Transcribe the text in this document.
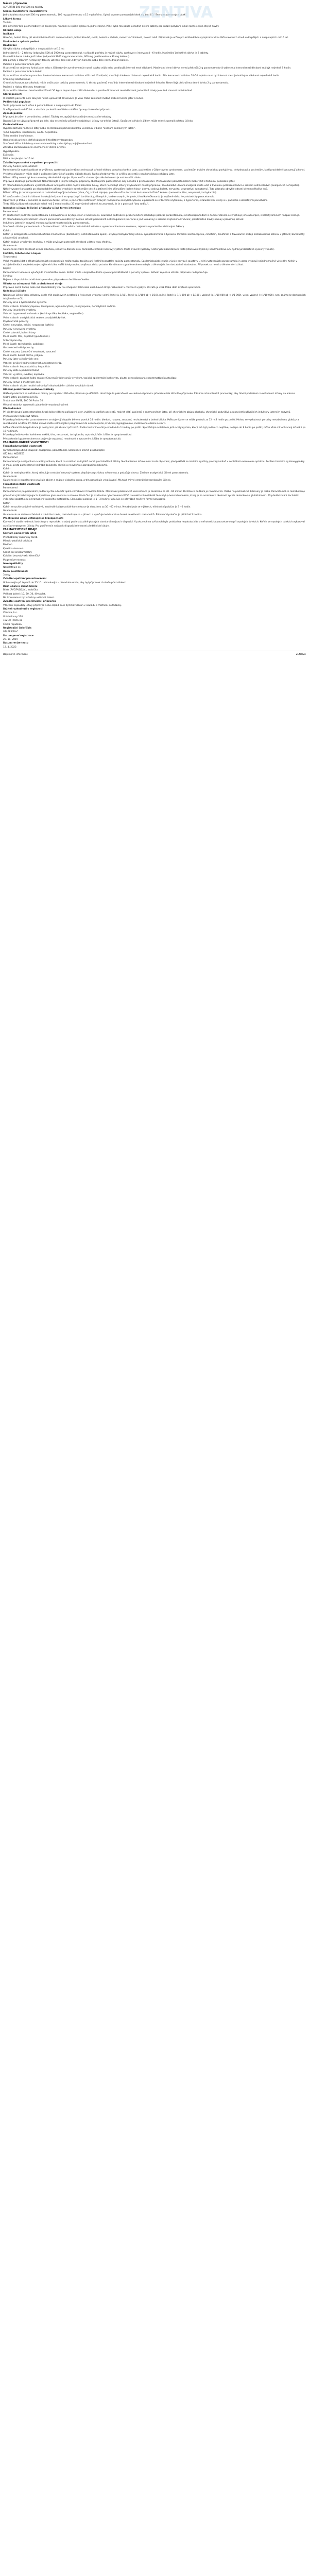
ZENTIVA
Název přípravku
ACYLPIRIN 500 mg/100 mg tablety
Složení kvalitativní i kvantitativní
Jedna tableta obsahuje 500 mg paracetamolu, 100 mg guaifenesinu a 15 mg kofeinu. Úplný seznam pomocných látek viz bod 6.1 "Seznam pomocných látek".
Léková forma
Tableta.
Bílé až téměř bílé ploché tablety se zkosenými hranami a s půlicí rýhou na jedné straně. Půlicí rýha má pouze usnadnit dělení tablety pro snazší polykání, nikoli rozdělení na stejné dávky.
Klinické údaje
Indikace
Horečka, bolest hlavy při akutních infekčních onemocněních, bolest kloubů, svalů, bolesti v zádech, menstruační bolesti, bolest zubů. Přípravek je určen pro krátkodobou symptomatickou léčbu akutních stavů u dospělých a dospívajících od 15 let.
Dávkování a způsob podání
Dávkování
Obvyklá dávka u dospělých a dospívajících od 15 let:
Jednorázově 1 - 2 tablety (odpovídá 500 až 1000 mg paracetamolu), v případě potřeby je možné dávku opakovat v intervalu 4 - 6 hodin. Maximální jednotlivá dávka je 2 tablety.
Maximální denní dávka je 6 tablet (odpovídá 3000 mg paracetamolu, 600 mg guaifenesinu a 90 mg kofeinu).
Bez porady s lékařem nemají být tablety užívány déle než 3 dny při horečce nebo déle než 5 dnů při bolesti.
Pacienti s poruchou funkce jater
U pacientů se sníženou funkcí jater nebo s Gilbertovým syndromem je nutné dávku snížit nebo prodloužit interval mezi dávkami. Maximální denní dávka nemá překročit 2 g paracetamolu (4 tablety) a interval mezi dávkami má být nejméně 8 hodin.
Pacienti s poruchou funkce ledvin
U pacientů se závažnou poruchou funkce ledvin (clearance kreatininu nižší než 10 ml/min) musí být dávkovací interval nejméně 8 hodin. Při clearance kreatininu 10–50 ml/min musí být interval mezi jednotlivými dávkami nejméně 6 hodin.
Chronický alkoholismus
Chronická konzumace alkoholu může snížit práh toxicity paracetamolu. U těchto pacientů musí být interval mezi dávkami nejméně 8 hodin. Nesmí být překročena denní dávka 2 g paracetamolu.
Pacienti s nízkou tělesnou hmotností
U pacientů s tělesnou hmotností nižší než 50 kg se doporučuje snížit dávkování a prodloužit interval mezi dávkami; jednotlivé dávky je nutné stanovit individuálně.
Starší pacienti
U starších pacientů není obvykle nutné upravovat dávkování. Je však třeba zohlednit možné snížení funkce jater a ledvin.
Pediatrická populace
Tento přípravek není určen k podání dětem a dospívajícím do 15 let.
Starší pacienti nad 65 let: u starších pacientů není třeba zvláštní úpravy dávkování přípravku.
Způsob podání
Přípravek je určen k perorálnímu podání. Tablety se zapíjejí dostatečným množstvím tekutiny.
Doporučuje se užívat přípravek po jídle, aby se zmírnily případné nežádoucí účinky na trávicí ústrojí. Současné užívání s jídlem může mírně zpomalit nástup účinku.
Kontraindikace
Hypersenzitivita na léčivé látky nebo na kteroukoli pomocnou látku uvedenou v bodě "Seznam pomocných látek".
Těžká hepatální insuficience, akutní hepatitida.
Těžká renální insuficience.
Hemolytická anémie, deficit glukóza-6-fosfátdehydrogenázy.
Současná léčba inhibitory monoaminooxidázy a dva týdny po jejím ukončení.
Závažná kardiovaskulární onemocnění včetně arytmií.
Hypertyreóza.
Epilepsie.
Děti a dospívající do 15 let.
Zvláštní upozornění a opatření pro použití
Poruchy funkce jater, alkohol:
Paracetamol je nutné podávat se zvýšenou opatrností pacientům s mírnou až středně těžkou poruchou funkce jater, pacientům s Gilbertovým syndromem, pacientům trpícím chronickou podvýživou, dehydratací a pacientům, kteří pravidelně konzumují alkohol. V těchto případech může dojít k poškození jater již při podání nižších dávek. Riziko předávkování je vyšší u pacientů s nealkoholickou cirhózou jater.
Během léčby nesmí být konzumovány alkoholické nápoje. U pacientů s chronickým alkoholismem je nutné snížit dávku.
Přípravek obsahuje paracetamol. Nekombinujte s jinými léčivými přípravky obsahujícími paracetamol, aby nedošlo k předávkování. Předávkování paracetamolem může vést k těžkému poškození jater.
Při dlouhodobém podávání vysokých dávek analgetik může dojít k bolestem hlavy, které nesmí být léčeny zvyšováním dávek přípravku. Dlouhodobé užívání analgetik může vést k trvalému poškození ledvin s rizikem selhání ledvin (analgetická nefropatie).
Náhlé vysazení analgetik po dlouhodobém užívání vysokých dávek může vést k abstinenčním příznakům (bolest hlavy, únava, svalová bolest, nervozita, vegetativní symptomy). Tyto příznaky obvykle odezní během několika dnů.
Během léčby je nutné vyvarovat se nadměrného příjmu kofeinu (káva, čaj, kolové nápoje), protože může docházet ke kumulaci účinků kofeinu (nervozita, třes, nespavost, tachykardie).
Při současném užívání s látkami indukujícími jaterní enzymy (např. barbituráty, rifampicin, karbamazepin, fenytoin, třezalka tečkovaná) je zvýšené riziko hepatotoxicity paracetamolu.
Opatrnosti je třeba u pacientů se sníženou funkcí ledvin, u pacientů s astmatem citlivým na kyselinu acetylsalicylovou, u pacientů se srdečními arytmiemi, s hypertenzí, s žaludečními vředy a u pacientů s úzkostnými poruchami.
Tento léčivý přípravek obsahuje méně než 1 mmol sodíku (23 mg) v jedné tabletě, to znamená, že je v podstatě "bez sodíku".
Interakce s jinými léčivými přípravky a jiné formy interakce
Paracetamol:
Při současném podávání paracetamolu a zidovudinu se zvyšuje sklon k neutropenii. Současné podávání s probenecidem prodlužuje poločas paracetamolu, s metoklopramidem a domperidonem se zrychluje jeho absorpce, s kolestyraminem naopak snižuje.
Při dlouhodobém pravidelném užívání paracetamolu může být zesílen účinek perorálních antikoagulancií (warfarin a jiné kumariny) s rizikem zvýšeného krvácení; příležitostné dávky nemají významný účinek.
Induktory jaterních enzymů mohou zvyšovat hepatotoxicitu paracetamolu.
Současné užívání paracetamolu s flukloxacilinem může vést k metabolické acidóze s vysokou aniontovou mezerou, zejména u pacientů s rizikovými faktory.
Kofein:
Kofein je antagonista sedativních účinků mnoha látek (barbituráty, antihistaminika apod.). Zvyšuje tachykardický účinek sympatomimetik a tyroxinu. Perorální kontraceptiva, cimetidin, disulfiram a fluvoxamin snižují metabolismus kofeinu v játrech; barbituráty a kouření jej urychlují.
Kofein snižuje vylučování teofylinu a může zvyšovat potenciál závislosti u látek typu efedrinu.
Guaifenesin:
Guaifenesin může zesilovat účinek alkoholu, sedativ a dalších látek tlumících centrální nervový systém. Může ovlivnit výsledky některých laboratorních testů (stanovení kyseliny vanilmandlové a 5-hydroxyindoloctové kyseliny v moči).
Fertilita, těhotenství a kojení
Těhotenství:
Velké množství dat o těhotných ženách nenaznačuje malformační toxicitu ani fetální/neonatální toxicitu paracetamolu. Epidemiologické studie vývoje nervové soustavy u dětí vystavených paracetamolu in utero vykazují nejednoznačné výsledky. Kofein v nízkých dávkách nepředstavuje zvýšené riziko, vyšší dávky mohou zvyšovat riziko potratu. Kombinace s guaifenesinem nebyla u těhotných žen dostatečně studována. Přípravek se nemá v těhotenství užívat.
Kojení:
Paracetamol i kofein se vylučují do mateřského mléka. Kofein může u kojeného dítěte vyvolat podrážděnost a poruchy spánku. Během kojení se užívání přípravku nedoporučuje.
Fertilita:
Nejsou k dispozici dostatečné údaje o vlivu přípravku na fertilitu u člověka.
Účinky na schopnost řídit a obsluhovat stroje
Přípravek nemá žádný nebo má zanedbatelný vliv na schopnost řídit nebo obsluhovat stroje. Vzhledem k možnosti výskytu závratě je však třeba dbát zvýšené opatrnosti.
Nežádoucí účinky
Nežádoucí účinky jsou seřazeny podle tříd orgánových systémů a frekvence výskytu: velmi časté (≥ 1/10), časté (≥ 1/100 až < 1/10), méně časté (≥ 1/1 000 až < 1/100), vzácné (≥ 1/10 000 až < 1/1 000), velmi vzácné (< 1/10 000), není známo (z dostupných údajů nelze určit).
Poruchy krve a lymfatického systému
Velmi vzácné: trombocytopenie, leukopenie, agranulocytóza, pancytopenie, hemolytická anémie.
Poruchy imunitního systému
Vzácné: hypersenzitivní reakce (kožní vyrážka, kopřivka, angioedém).
Velmi vzácné: anafylaktická reakce, anafylaktický šok.
Psychiatrické poruchy
Časté: nervozita, neklid, nespavost (kofein).
Poruchy nervového systému
Časté: závratě, bolest hlavy.
Méně časté: třes, ospalost (guaifenesin).
Srdeční poruchy
Méně časté: tachykardie, palpitace.
Gastrointestinální poruchy
Časté: nauzea, žaludeční nevolnost, zvracení.
Méně časté: bolest břicha, průjem.
Poruchy jater a žlučových cest
Vzácné: zvýšení hodnot jaterních aminotransferáz.
Velmi vzácné: hepatotoxicita, hepatitida.
Poruchy kůže a podkožní tkáně
Vzácné: vyrážka, svědění, kopřivka.
Velmi vzácné: závažné kožní reakce (Stevensův-Johnsonův syndrom, toxická epidermální nekrolýza, akutní generalizovaná exantematózní pustulóza).
Poruchy ledvin a močových cest
Velmi vzácné: akutní renální selhání při dlouhodobém užívání vysokých dávek.
Hlášení podezření na nežádoucí účinky
Hlášení podezření na nežádoucí účinky po registraci léčivého přípravku je důležité. Umožňuje to pokračovat ve sledování poměru přínosů a rizik léčivého přípravku. Žádáme zdravotnické pracovníky, aby hlásili podezření na nežádoucí účinky na adresu:
Státní ústav pro kontrolu léčiv
Šrobárova 49/48, 100 00 Praha 10
Webové stránky: www.sukl.cz/nahlasit-nezadouci-ucinek
Předávkování
Při předávkování paracetamolem hrozí riziko těžkého poškození jater, zvláště u starších pacientů, malých dětí, pacientů s onemocněním jater, při chronickém abúzu alkoholu, chronické podvýživě a u pacientů užívajících induktory jaterních enzymů. Předávkování může být fatální.
Příznaky předávkování paracetamolem se objevují obvykle během prvních 24 hodin: bledost, nauzea, zvracení, nechutenství a bolest břicha. Poškození jater se může projevit za 12 - 48 hodin po požití. Mohou se vyskytnout poruchy metabolismu glukózy a metabolická acidóza. Při těžké otravě může selhání jater progredovat do encefalopatie, krvácení, hypoglykemie, mozkového edému a smrti.
Léčba: Okamžitá hospitalizace je nezbytná i při absenci příznaků. Podání aktivního uhlí je vhodné do 1 hodiny po požití. Specifickým antidotem je N-acetylcystein, který má být podán co nejdříve, nejlépe do 8 hodin po požití; může však mít ochranný účinek i po 16 hodinách.
Příznaky předávkování kofeinem: neklid, třes, nespavost, tachykardie, arytmie, křeče. Léčba je symptomatická.
Předávkování guaifenesinem se projevuje ospalostí, nevolností a zvracením. Léčba je symptomatická.
FARMAKOLOGICKÉ VLASTNOSTI
Farmakodynamické vlastnosti
Farmakoterapeutická skupina: analgetika, paracetamol, kombinace kromě psycholeptik
ATC kód: N02BE51
Paracetamol
Paracetamol je analgetikum a antipyretikum, které na rozdíl od salicylátů nemá protizánětlivé účinky. Mechanismus účinku není zcela objasněn; předpokládá se inhibice syntézy prostaglandinů v centrálním nervovém systému. Periferní inhibice cyklooxygenázy je malá, proto paracetamol nedráždí žaludeční sliznici a neovlivňuje agregaci trombocytů.
Kofein
Kofein je methylxanthin, který stimuluje centrální nervový systém, zlepšuje psychickou výkonnost a potlačuje únavu. Zesiluje analgetický účinek paracetamolu.
Guaifenesin
Guaifenesin je expektorans; zvyšuje objem a snižuje viskozitu sputa, a tím usnadňuje vykašlávání. Má také mírný centrální myorelaxační účinek.
Farmakokinetické vlastnosti
Paracetamol
Paracetamol se po perorálním podání rychle a téměř úplně vstřebává z trávicího traktu. Maximální plazmatické koncentrace je dosaženo za 30 - 60 minut. Distribuce do tkání je rovnoměrná. Vazba na plazmatické bílkoviny je nízká. Paracetamol se metabolizuje převážně v játrech konjugací s kyselinou glukuronovou a sírovou. Malá část je oxidována cytochromem P450 na reaktivní metabolit N-acetyl-p-benzochinonimin, který je za normálních okolností rychle detoxikován glutathionem. Při předávkování dochází k vyčerpání glutathionu a hromadění toxického metabolitu. Eliminační poločas je 1 - 3 hodiny. Vylučuje se převážně močí ve formě konjugátů.
Kofein
Kofein se rychle a úplně vstřebává, maximální plazmatické koncentrace je dosaženo za 30 - 60 minut. Metabolizuje se v játrech, eliminační poločas je 3 - 6 hodin.
Guaifenesin
Guaifenesin se dobře vstřebává z trávicího traktu, metabolizuje se v játrech a vylučuje ledvinami ve formě neaktivních metabolitů. Eliminační poločas je přibližně 1 hodina.
Předklinické údaje vztahující se k bezpečnosti
Konvenční studie hodnotící toxicitu pro reprodukci a vývoj podle aktuálně platných standardů nejsou k dispozici. V pokusech na zvířatech byla prokázána hepatotoxicita a nefrotoxicita paracetamolu při vysokých dávkách. Kofein ve vysokých dávkách vykazoval u zvířat teratogenní účinky. Pro guaifenesin nejsou k dispozici relevantní předklinické údaje.
FARMACEUTICKÉ ÚDAJE
Seznam pomocných látek
Předbobtnalý kukuřičný škrob
Mikrokrystalická celulóza
Povidon
Kyselina stearová
Sodná sůl kroskarmelózy
Koloidní bezvodý oxid křemičitý
Magnesium-stearát
Inkompatibility
Neuplatňuje se.
Doba použitelnosti
3 roky.
Zvláštní opatření pro uchovávání
Uchovávejte při teplotě do 25 °C. Uchovávejte v původním obalu, aby byl přípravek chráněn před vlhkostí.
Druh obalu a obsah balení
Blistr (PVC/PVDC/Al), krabička.
Velikost balení: 10, 20, 30, 40 tablet.
Na trhu nemusí být všechny velikosti balení.
Zvláštní opatření pro likvidaci přípravku
Všechen nepoužitý léčivý přípravek nebo odpad musí být zlikvidován v souladu s místními požadavky.
Držitel rozhodnutí o registraci
Zentiva, k.s.
U Kabelovny 130
102 37 Praha 10
Česká republika
Registrační číslo/čísla
07/ 083/19-C
Datum první registrace
20. 11. 2019
Datum revize textu
12. 4. 2023
Doplňkové informace	ZENTIVA
